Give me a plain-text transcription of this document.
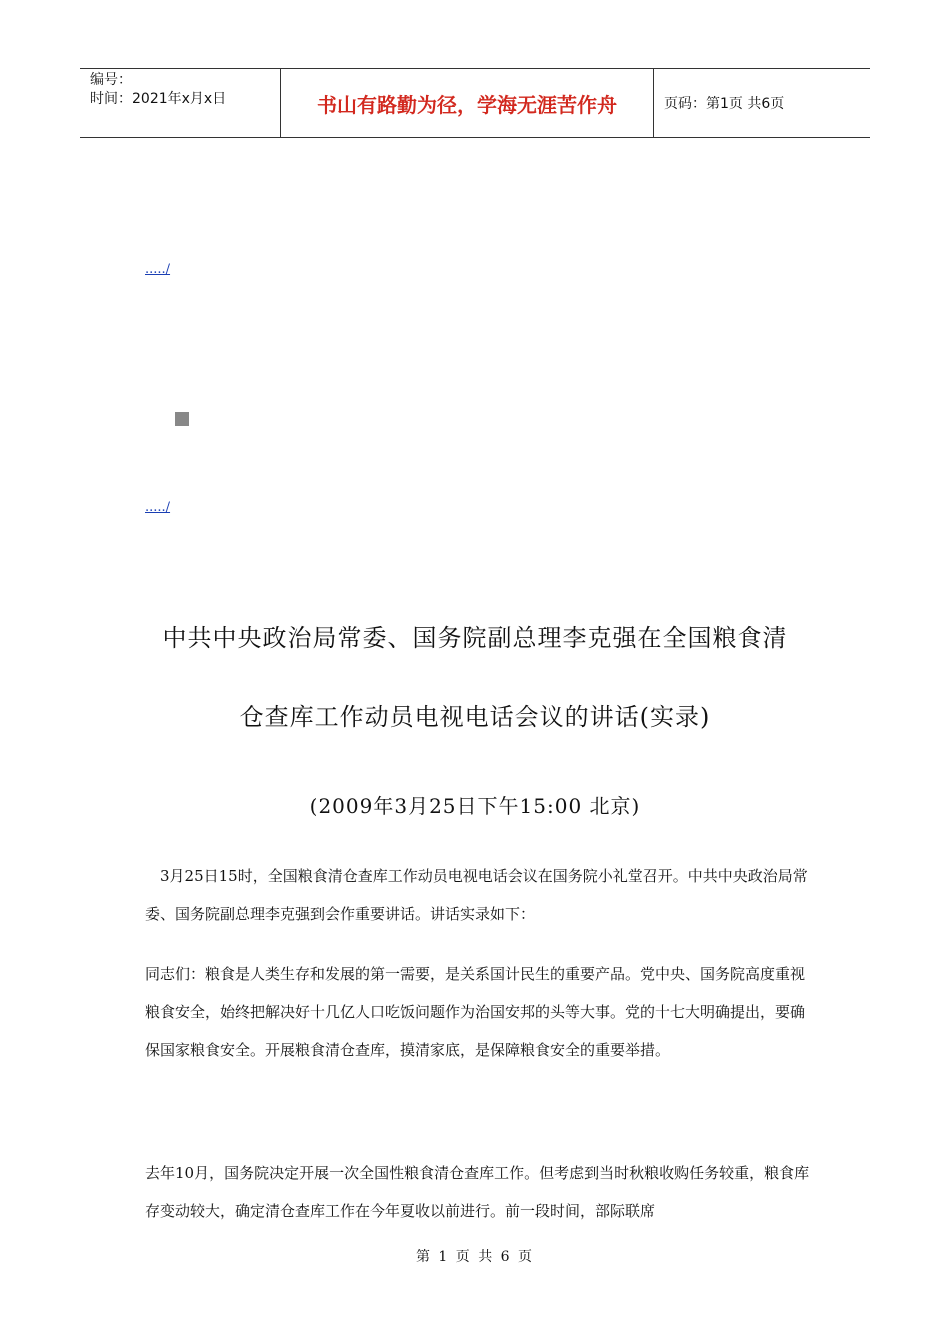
编号：
时间：2021年x月x日	书山有路勤为径，学海无涯苦作舟	页码：第1页 共6页
...../
...../
中共中央政治局常委、国务院副总理李克强在全国粮食清
仓查库工作动员电视电话会议的讲话(实录)
(2009年3月25日下午15:00 北京)

　3月25日15时，全国粮食清仓查库工作动员电视电话会议在国务院小礼堂召开。中共中央政治局常委、国务院副总理李克强到会作重要讲话。讲话实录如下：

同志们：粮食是人类生存和发展的第一需要，是关系国计民生的重要产品。党中央、国务院高度重视粮食安全，始终把解决好十几亿人口吃饭问题作为治国安邦的头等大事。党的十七大明确提出，要确保国家粮食安全。开展粮食清仓查库，摸清家底，是保障粮食安全的重要举措。

去年10月，国务院决定开展一次全国性粮食清仓查库工作。但考虑到当时秋粮收购任务较重，粮食库存变动较大，确定清仓查库工作在今年夏收以前进行。前一段时间，部际联席

第 1 页 共 6 页
